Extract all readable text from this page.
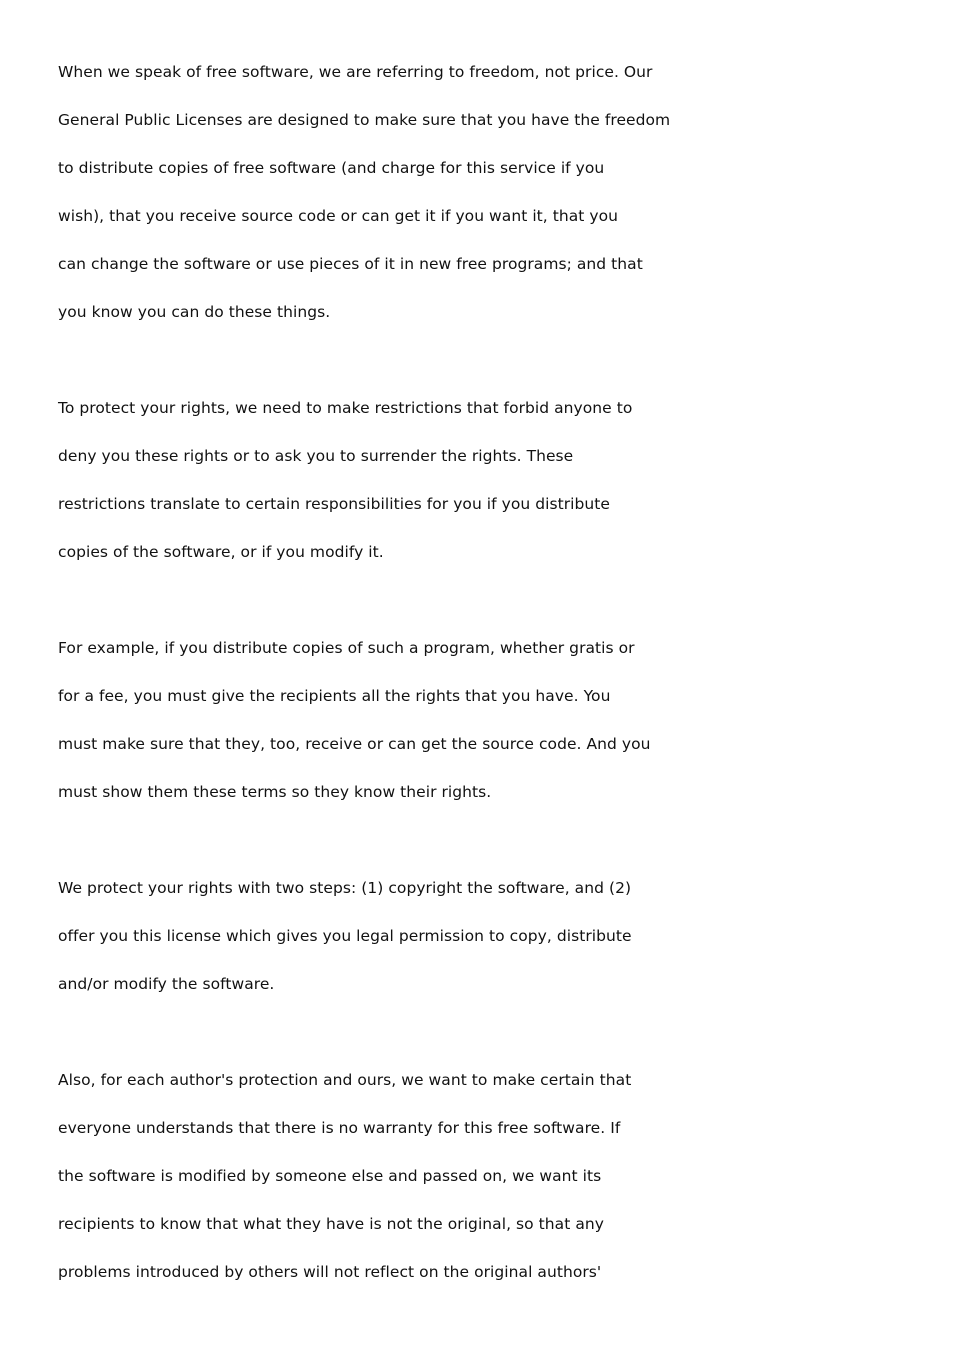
When we speak of free software, we are referring to freedom, not price. Our
General Public Licenses are designed to make sure that you have the freedom
to distribute copies of free software (and charge for this service if you
wish), that you receive source code or can get it if you want it, that you
can change the software or use pieces of it in new free programs; and that
you know you can do these things.
To protect your rights, we need to make restrictions that forbid anyone to
deny you these rights or to ask you to surrender the rights. These
restrictions translate to certain responsibilities for you if you distribute
copies of the software, or if you modify it.
For example, if you distribute copies of such a program, whether gratis or
for a fee, you must give the recipients all the rights that you have. You
must make sure that they, too, receive or can get the source code. And you
must show them these terms so they know their rights.
We protect your rights with two steps: (1) copyright the software, and (2)
offer you this license which gives you legal permission to copy, distribute
and/or modify the software.
Also, for each author's protection and ours, we want to make certain that
everyone understands that there is no warranty for this free software. If
the software is modified by someone else and passed on, we want its
recipients to know that what they have is not the original, so that any
problems introduced by others will not reflect on the original authors'
